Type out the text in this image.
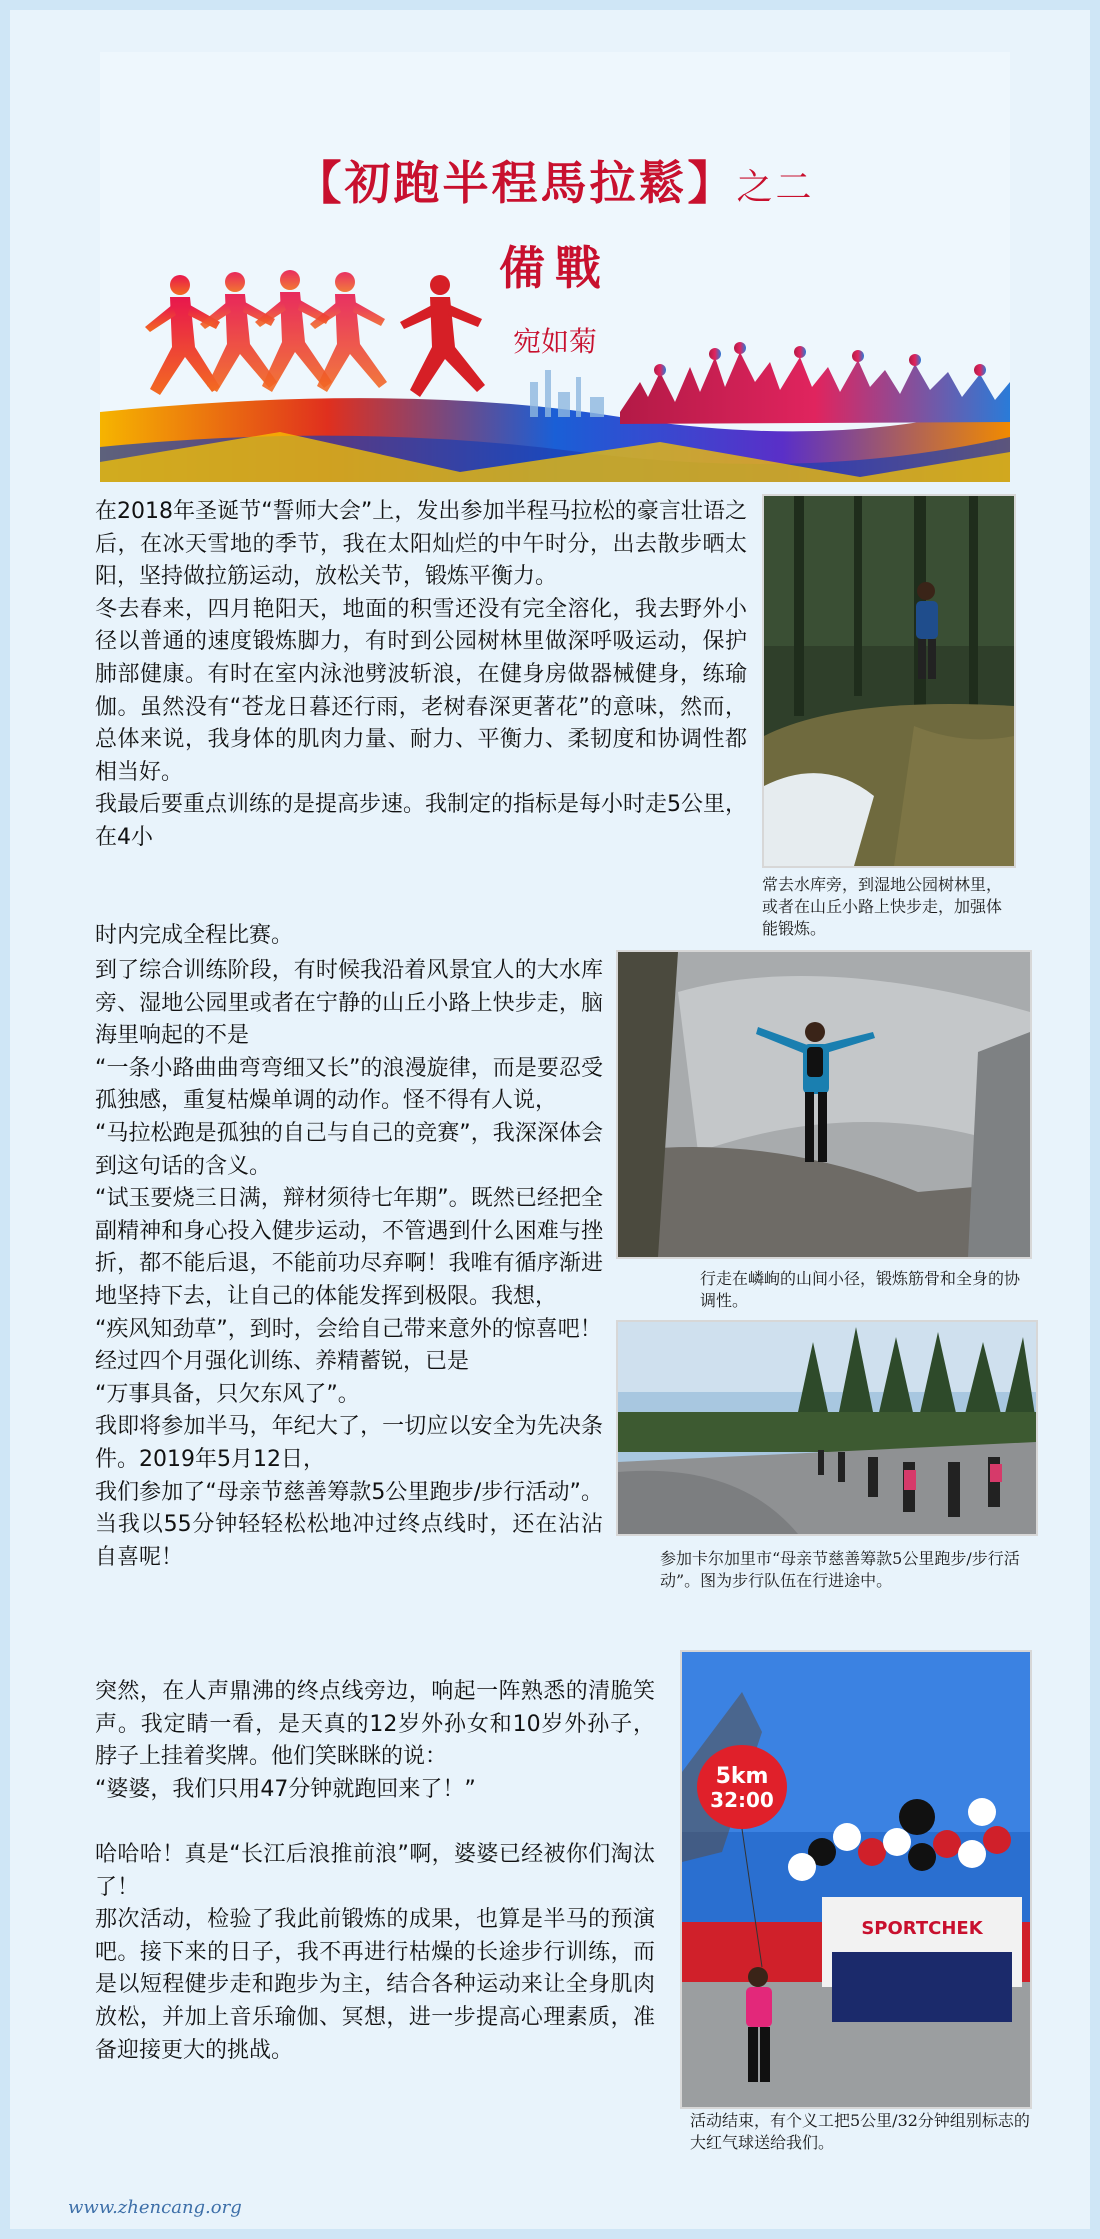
【初跑半程馬拉鬆】之二
備戰
宛如菊
常去水库旁，到湿地公园树林里，或者在山丘小路上快步走，加强体能锻炼。
行走在嶙峋的山间小径，锻炼筋骨和全身的协调性。
参加卡尔加里市“母亲节慈善筹款5公里跑步/步行活动”。图为步行队伍在行进途中。
SPORTCHEK
5km
32:00
活动结束，有个义工把5公里/32分钟组别标志的大红气球送给我们。

在2018年圣诞节“誓师大会”上，发出参加半程马拉松的豪言壮语之后，在冰天雪地的季节，我在太阳灿烂的中午时分，出去散步晒太阳，坚持做拉筋运动，放松关节，锻炼平衡力。

冬去春来，四月艳阳天，地面的积雪还没有完全溶化，我去野外小径以普通的速度锻炼脚力，有时到公园树林里做深呼吸运动，保护肺部健康。有时在室内泳池劈波斩浪，在健身房做器械健身，练瑜伽。虽然没有“苍龙日暮还行雨，老树春深更著花”的意味，然而，总体来说，我身体的肌肉力量、耐力、平衡力、柔韧度和协调性都相当好。

我最后要重点训练的是提高步速。我制定的指标是每小时走5公里，在4小

时内完成全程比赛。

到了综合训练阶段，有时候我沿着风景宜人的大水库旁、湿地公园里或者在宁静的山丘小路上快步走，脑海里响起的不是

“一条小路曲曲弯弯细又长”的浪漫旋律，而是要忍受孤独感，重复枯燥单调的动作。怪不得有人说，

“马拉松跑是孤独的自己与自己的竞赛”，我深深体会到这句话的含义。

“试玉要烧三日满，辩材须待七年期”。既然已经把全副精神和身心投入健步运动，不管遇到什么困难与挫折，都不能后退，不能前功尽弃啊！我唯有循序渐进地坚持下去，让自己的体能发挥到极限。我想，

“疾风知劲草”，到时，会给自己带来意外的惊喜吧！

经过四个月强化训练、养精蓄锐，已是

“万事具备，只欠东风了”。

我即将参加半马，年纪大了，一切应以安全为先决条件。2019年5月12日，

我们参加了“母亲节慈善筹款5公里跑步/步行活动”。当我以55分钟轻轻松松地冲过终点线时，还在沾沾自喜呢！

突然，在人声鼎沸的终点线旁边，响起一阵熟悉的清脆笑声。我定睛一看，是天真的12岁外孙女和10岁外孙子，脖子上挂着奖牌。他们笑眯眯的说：

“婆婆，我们只用47分钟就跑回来了！”

哈哈哈！真是“长江后浪推前浪”啊，婆婆已经被你们淘汰了！

那次活动，检验了我此前锻炼的成果，也算是半马的预演吧。接下来的日子，我不再进行枯燥的长途步行训练，而是以短程健步走和跑步为主，结合各种运动来让全身肌肉放松，并加上音乐瑜伽、冥想，进一步提高心理素质，准备迎接更大的挑战。

www.zhencang.org
